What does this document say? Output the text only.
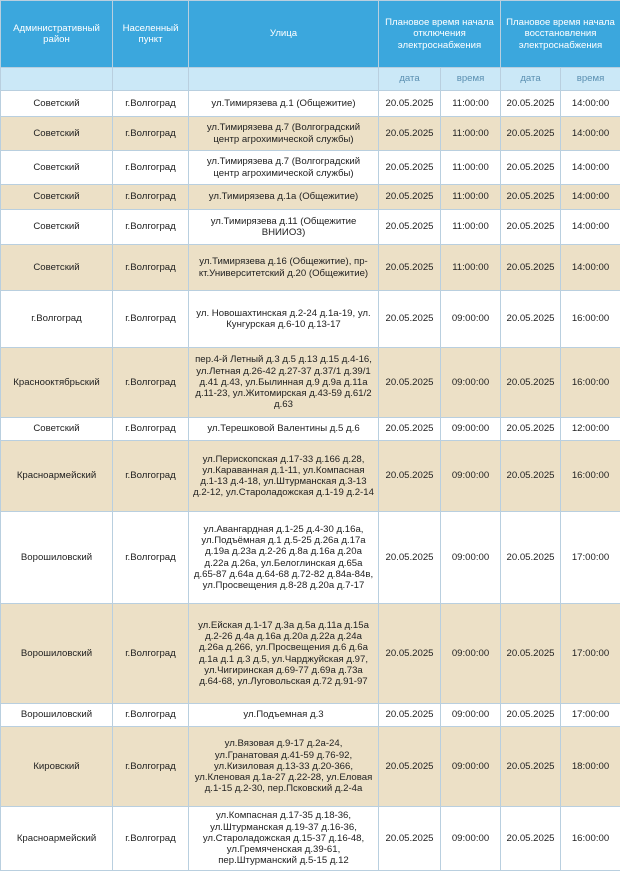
Административный район	Населенный пункт	Улица	Плановое время начала отключения электроснабжения		Плановое время начала восстановления электроснабжения	
			дата	время	дата	время
Советский	г.Волгоград	ул.Тимирязева д.1 (Общежитие)	20.05.2025	11:00:00	20.05.2025	14:00:00
Советский	г.Волгоград	ул.Тимирязева д.7 (Волгоградский центр агрохимической службы)	20.05.2025	11:00:00	20.05.2025	14:00:00
Советский	г.Волгоград	ул.Тимирязева д.7 (Волгоградский центр агрохимической службы)	20.05.2025	11:00:00	20.05.2025	14:00:00
Советский	г.Волгоград	ул.Тимирязева д.1а (Общежитие)	20.05.2025	11:00:00	20.05.2025	14:00:00
Советский	г.Волгоград	ул.Тимирязева д.11 (Общежитие ВНИИОЗ)	20.05.2025	11:00:00	20.05.2025	14:00:00
Советский	г.Волгоград	ул.Тимирязева д.16 (Общежитие), пр-кт.Университетский д.20 (Общежитие)	20.05.2025	11:00:00	20.05.2025	14:00:00
г.Волгоград	г.Волгоград	ул. Новошахтинская д.2-24 д.1а-19, ул. Кунгурская д.6-10 д.13-17	20.05.2025	09:00:00	20.05.2025	16:00:00
Краснооктябрьский	г.Волгоград	пер.4-й Летный д.3 д.5 д.13 д.15 д.4-16, ул.Летная д.26-42 д.27-37 д.37/1 д.39/1 д.41 д.43, ул.Былинная д.9 д.9а д.11а д.11-23, ул.Житомирская д.43-59 д.61/2 д.63	20.05.2025	09:00:00	20.05.2025	16:00:00
Советский	г.Волгоград	ул.Терешковой Валентины д.5 д.6	20.05.2025	09:00:00	20.05.2025	12:00:00
Красноармейский	г.Волгоград	ул.Перископская д.17-33 д.166 д.28, ул.Караванная д.1-11, ул.Компасная д.1-13 д.4-18, ул.Штурманская д.3-13 д.2-12, ул.Староладожская д.1-19 д.2-14	20.05.2025	09:00:00	20.05.2025	16:00:00
Ворошиловский	г.Волгоград	ул.Авангардная д.1-25 д.4-30 д.16а, ул.Подъёмная д.1 д.5-25 д.26а д.17а д.19а д.23а д.2-26 д.8а д.16а д.20а д.22а д.26а, ул.Белоглинская д.65а д.65-87 д.64а д.64-68 д.72-82 д.84а-84в, ул.Просвещения д.8-28 д.20а д.7-17	20.05.2025	09:00:00	20.05.2025	17:00:00
Ворошиловский	г.Волгоград	ул.Ейская д.1-17 д.3а д.5а д.11а д.15а д.2-26 д.4а д.16а д.20а д.22а д.24а д.26а д.266, ул.Просвещения д.6 д.6а д.1а д.1 д.3 д.5, ул.Чарджуйская д.97, ул.Чигиринская д.69-77 д.69а д.73а д.64-68, ул.Луговольская д.72 д.91-97	20.05.2025	09:00:00	20.05.2025	17:00:00
Ворошиловский	г.Волгоград	ул.Подъемная д.3	20.05.2025	09:00:00	20.05.2025	17:00:00
Кировский	г.Волгоград	ул.Вязовая д.9-17 д.2а-24, ул.Гранатовая д.41-59 д.76-92, ул.Кизиловая д.13-33 д.20-366, ул.Кленовая д.1а-27 д.22-28, ул.Еловая д.1-15 д.2-30, пер.Псковский д.2-4а	20.05.2025	09:00:00	20.05.2025	18:00:00
Красноармейский	г.Волгоград	ул.Компасная д.17-35 д.18-36, ул.Штурманская д.19-37 д.16-36, ул.Староладожская д.15-37 д.16-48, ул.Гремяченская д.39-61, пер.Штурманский д.5-15 д.12	20.05.2025	09:00:00	20.05.2025	16:00:00
